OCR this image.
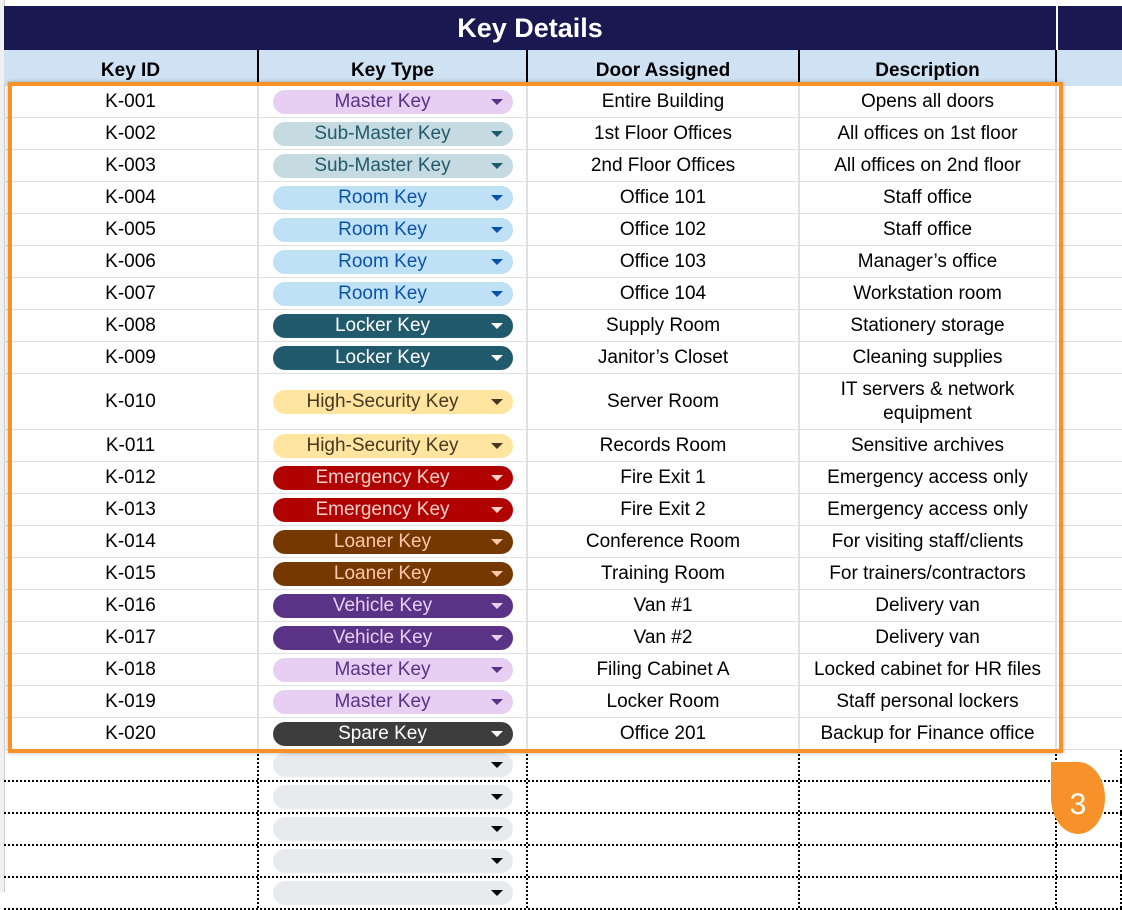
Key Details
Key ID	Key Type	Door Assigned	Description
K-001	Master Key	Entire Building	Opens all doors
K-002	Sub-Master Key	1st Floor Offices	All offices on 1st floor
K-003	Sub-Master Key	2nd Floor Offices	All offices on 2nd floor
K-004	Room Key	Office 101	Staff office
K-005	Room Key	Office 102	Staff office
K-006	Room Key	Office 103	Manager’s office
K-007	Room Key	Office 104	Workstation room
K-008	Locker Key	Supply Room	Stationery storage
K-009	Locker Key	Janitor’s Closet	Cleaning supplies
K-010	High-Security Key	Server Room
IT servers & network equipment
K-011	High-Security Key	Records Room	Sensitive archives
K-012	Emergency Key	Fire Exit 1	Emergency access only
K-013	Emergency Key	Fire Exit 2	Emergency access only
K-014	Loaner Key	Conference Room	For visiting staff/clients
K-015	Loaner Key	Training Room	For trainers/contractors
K-016	Vehicle Key	Van #1	Delivery van
K-017	Vehicle Key	Van #2	Delivery van
K-018	Master Key	Filing Cabinet A	Locked cabinet for HR files
K-019	Master Key	Locker Room	Staff personal lockers
K-020	Spare Key	Office 201	Backup for Finance office
3
